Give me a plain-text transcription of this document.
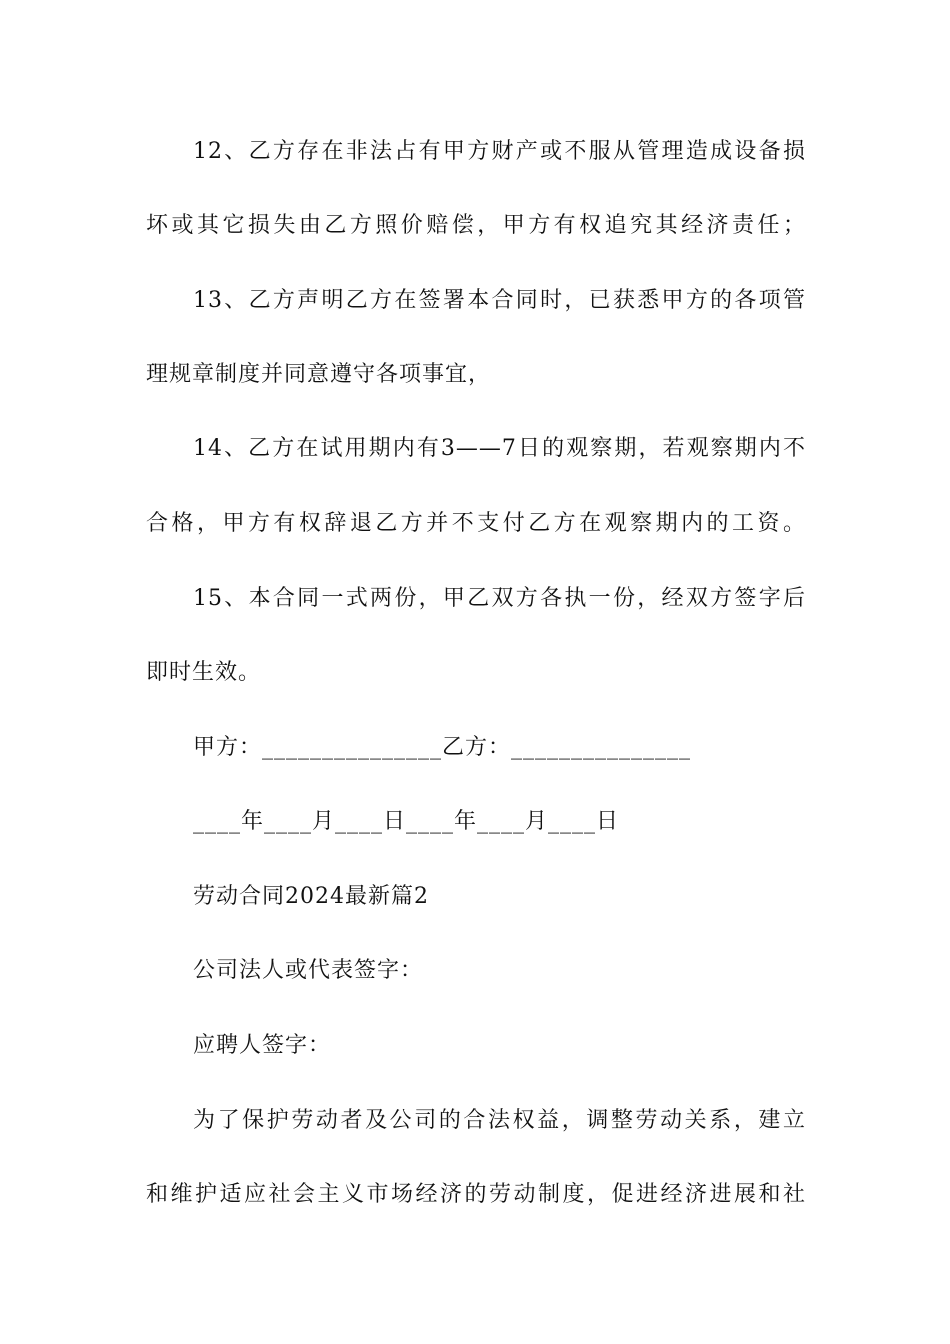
12、乙方存在非法占有甲方财产或不服从管理造成设备损
坏或其它损失由乙方照价赔偿，甲方有权追究其经济责任；
13、乙方声明乙方在签署本合同时，已获悉甲方的各项管
理规章制度并同意遵守各项事宜，
14、乙方在试用期内有3——7日的观察期，若观察期内不
合格，甲方有权辞退乙方并不支付乙方在观察期内的工资。
15、本合同一式两份，甲乙双方各执一份，经双方签字后
即时生效。
甲方：_______________乙方：_______________
____年____月____日____年____月____日
劳动合同2024最新篇2
公司法人或代表签字：
应聘人签字：
为了保护劳动者及公司的合法权益，调整劳动关系，建立
和维护适应社会主义市场经济的劳动制度，促进经济进展和社
